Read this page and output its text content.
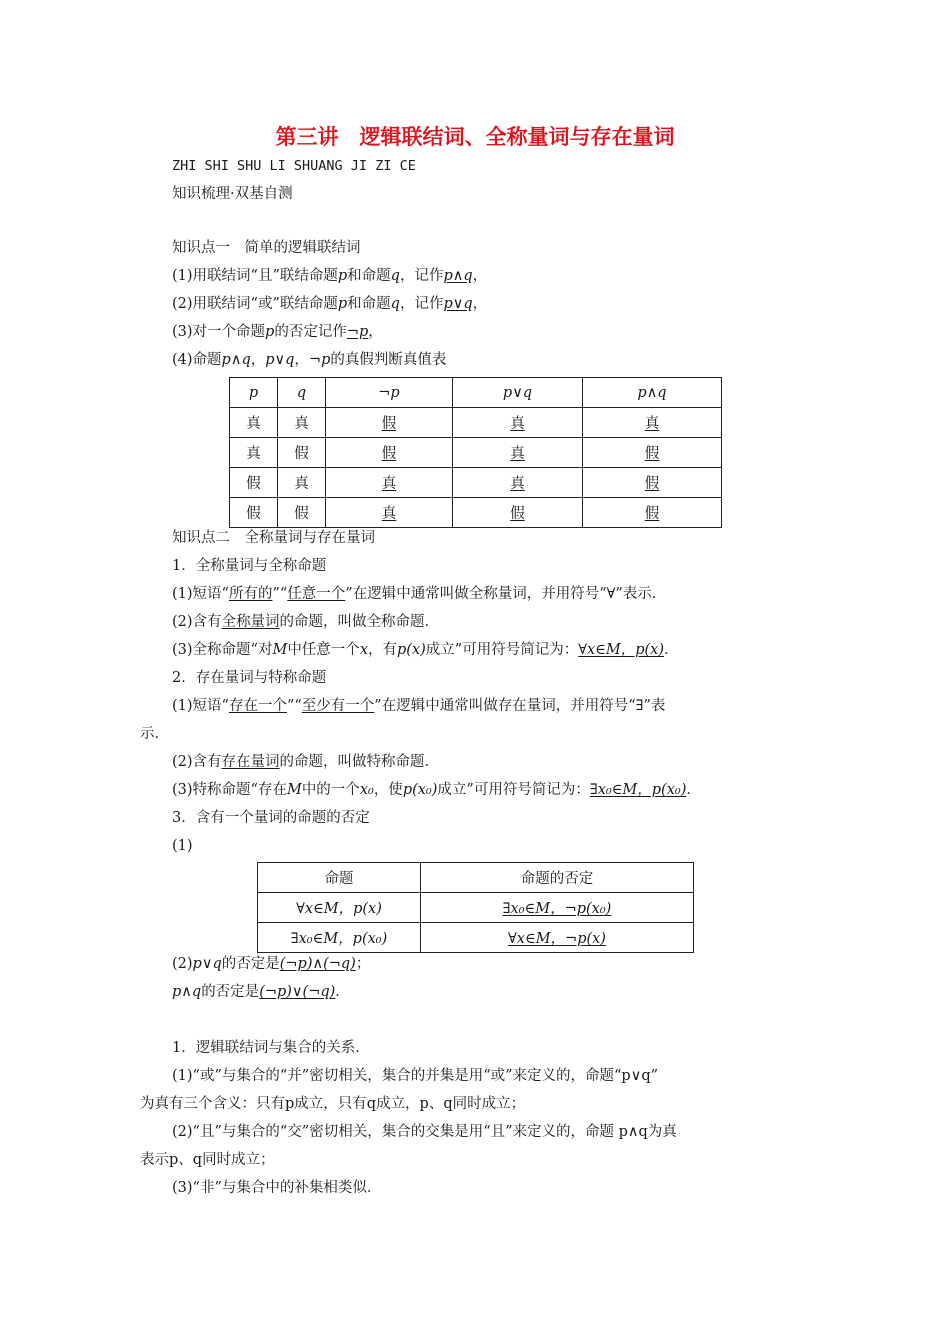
第三讲　逻辑联结词、全称量词与存在量词
ZHI SHI SHU LI SHUANG JI ZI CE
知识梳理·双基自测
知识点一　简单的逻辑联结词
(1)用联结词“且”联结命题p和命题q，记作p∧q，
(2)用联结词“或”联结命题p和命题q，记作p∨q，
(3)对一个命题p的否定记作¬p，
(4)命题p∧q，p∨q，¬p的真假判断真值表
p	q	¬p	p∨q	p∧q
真	真	假	真	真
真	假	假	真	假
假	真	真	真	假
假	假	真	假	假
知识点二　全称量词与存在量词
1．全称量词与全称命题
(1)短语“所有的”“任意一个”在逻辑中通常叫做全称量词，并用符号“∀”表示．
(2)含有全称量词的命题，叫做全称命题．
(3)全称命题“对M中任意一个x，有p(x)成立”可用符号简记为：∀x∈M，p(x)．
2．存在量词与特称命题
(1)短语“存在一个”“至少有一个”在逻辑中通常叫做存在量词，并用符号“∃”表
示．
(2)含有存在量词的命题，叫做特称命题．
(3)特称命题“存在M中的一个x₀，使p(x₀)成立”可用符号简记为：∃x₀∈M，p(x₀)．
3．含有一个量词的命题的否定
(1)
命题	命题的否定
∀x∈M，p(x)	∃x₀∈M，¬p(x₀)
∃x₀∈M，p(x₀)	∀x∈M，¬p(x)
(2)p∨q的否定是(¬p)∧(¬q)；
p∧q的否定是(¬p)∨(¬q)．
1．逻辑联结词与集合的关系．
(1)“或”与集合的“并”密切相关，集合的并集是用“或”来定义的，命题“p∨q”
为真有三个含义：只有p成立，只有q成立，p、q同时成立；
(2)“且”与集合的“交”密切相关，集合的交集是用“且”来定义的，命题 p∧q为真
表示p、q同时成立；
(3)“非”与集合中的补集相类似．
